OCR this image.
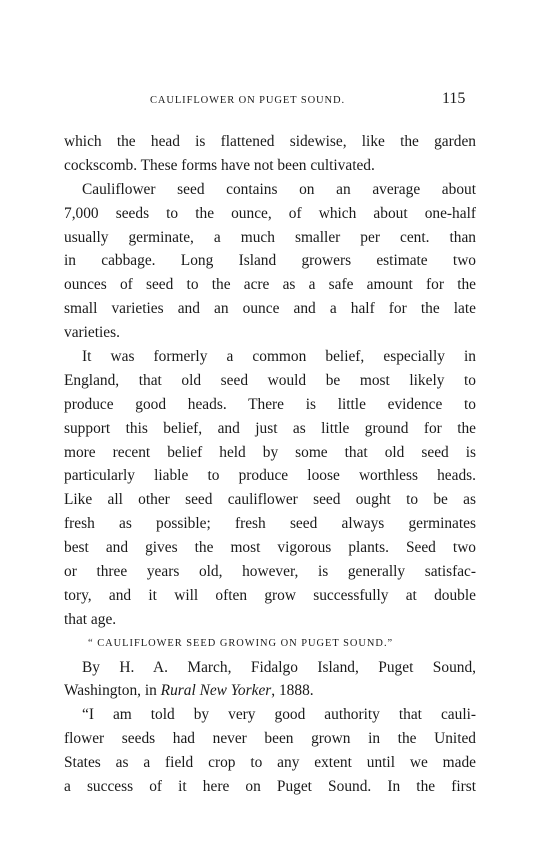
CAULIFLOWER ON PUGET SOUND.	115
which the head is flattened sidewise, like the garden
cockscomb. These forms have not been cultivated.
Cauliflower seed contains on an average about
7,000 seeds to the ounce, of which about one-half
usually germinate, a much smaller per cent. than
in cabbage. Long Island growers estimate two
ounces of seed to the acre as a safe amount for the
small varieties and an ounce and a half for the late
varieties.
It was formerly a common belief, especially in
England, that old seed would be most likely to
produce good heads. There is little evidence to
support this belief, and just as little ground for the
more recent belief held by some that old seed is
particularly liable to produce loose worthless heads.
Like all other seed cauliflower seed ought to be as
fresh as possible; fresh seed always germinates
best and gives the most vigorous plants. Seed two
or three years old, however, is generally satisfac-
tory, and it will often grow successfully at double
that age.
“ CAULIFLOWER SEED GROWING ON PUGET SOUND.”
By H. A. March, Fidalgo Island, Puget Sound,
Washington, in Rural New Yorker, 1888.
“I am told by very good authority that cauli-
flower seeds had never been grown in the United
States as a field crop to any extent until we made
a success of it here on Puget Sound. In the first
